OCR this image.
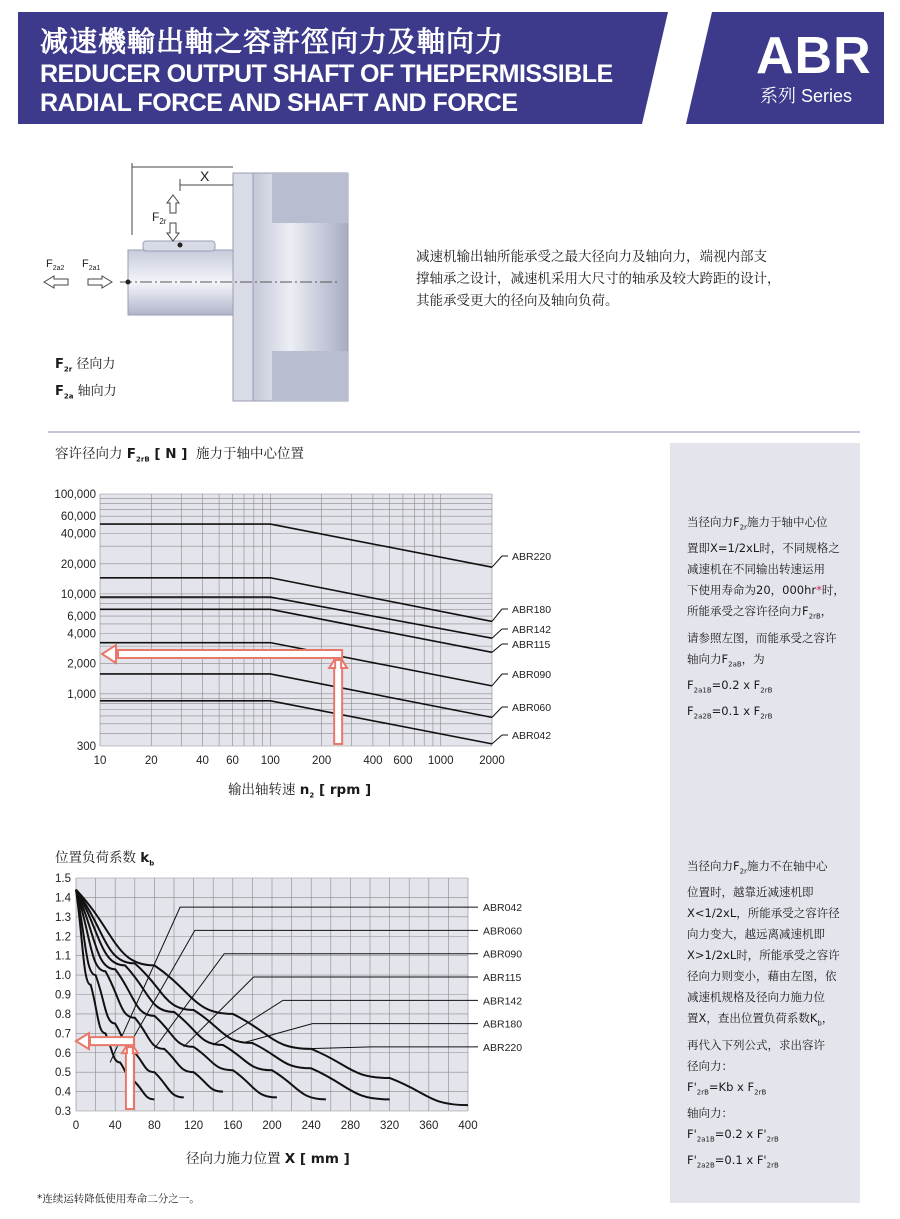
减速機輸出軸之容許徑向力及軸向力
REDUCER OUTPUT SHAFT OF THEPERMISSIBLE
RADIAL FORCE AND SHAFT AND FORCE
ABR
系列 Series
X
$F_{2r}$
$F_{2a2}$ $F_{2a1}$
$F_{2r}$ 径向力
$F_{2a}$ 轴向力
减速机输出轴所能承受之最大径向力及轴向力，端视内部支
撑轴承之设计，减速机采用大尺寸的轴承及较大跨距的设计，
其能承受更大的径向及轴向负荷。
当径向力$F_{2r}$施力于轴中心位
置即X=1/2xL时，不同规格之
减速机在不同输出转速运用
下使用寿命为20，000hr*时，
所能承受之容许径向力$F_{2rB}$，
请参照左图，而能承受之容许
轴向力$F_{2aB}$，为
$F_{2a1B}=0.2$ x $F_{2rB}$
$F_{2a2B}=0.1$ x $F_{2rB}$
当径向力$F_{2r}$施力不在轴中心
位置时，越靠近减速机即
X<1/2xL，所能承受之容许径
向力变大，越远离减速机即
X>1/2xL时，所能承受之容许
径向力则变小，藉由左图，依
减速机规格及径向力施力位
置X，查出位置负荷系数$K_b$，
再代入下列公式，求出容许
径向力：
$F'_{2rB}=Kb$ x $F_{2rB}$
轴向力：
$F'_{2a1B}=0.2$ x $F'_{2rB}$
$F'_{2a2B}=0.1$ x $F'_{2rB}$
容许径向力 $F_{2rB}$ [ N ] 施力于轴中心位置
10	20	40 60 100	200	400 600 1000 2000
300
1,000
2,000
4,000
6,000
10,000
20,000
40,000
60,000
100,000
ABR220
ABR180
ABR142
ABR115
ABR090
ABR060
ABR042
输出轴转速 $n_2$ [ rpm ]
位置负荷系数 $k_b$
0	40 80 120 160 200 240 280 320 360 400
0.3
0.4
0.5
0.6
0.7
0.8
0.9
1.0
1.1
1.2
1.3
1.4
1.5
ABR042
ABR060
ABR090
ABR115
ABR142
ABR180
ABR220
径向力施力位置 X [ mm ]
*连续运转降低使用寿命二分之一。
